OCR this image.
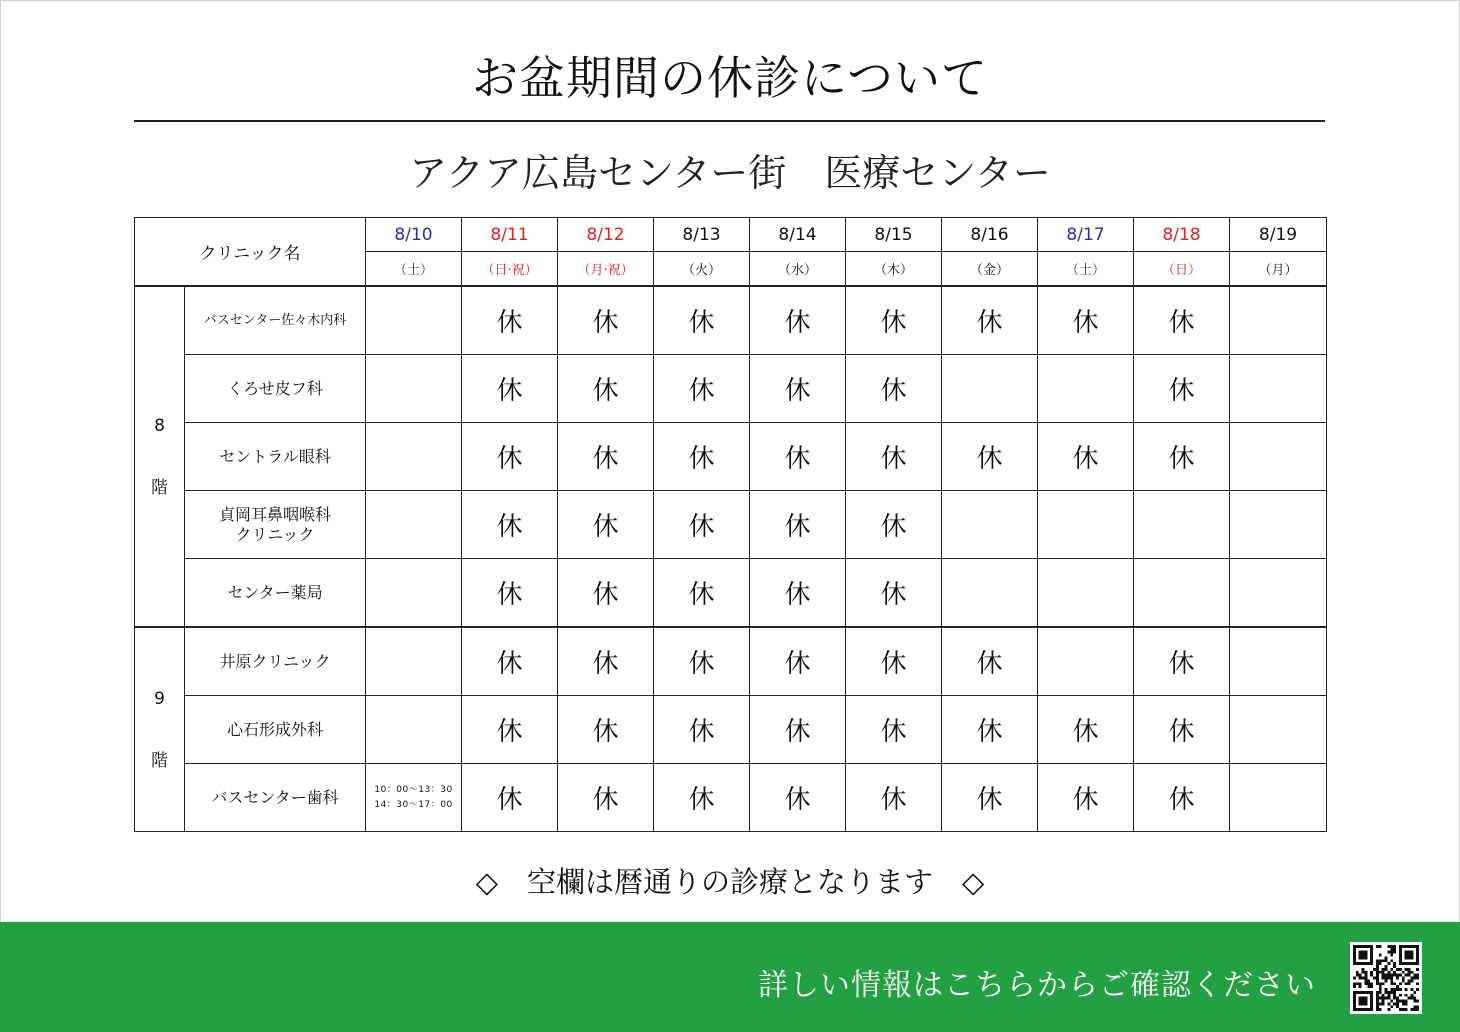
お盆期間の休診について
アクア広島センター街　医療センター
クリニック名		8/10	8/11	8/12	8/13	8/14	8/15	8/16	8/17	8/18	8/19
		（土）	（日·祝）	（月·祝）	（火）	（水）	（木）	（金）	（土）	（日）	（月）

8
階	バスセンター佐々木内科		休	休	休	休	休	休	休	休	

	くろせ皮フ科		休	休	休	休	休			休	

	セントラル眼科		休	休	休	休	休	休	休	休	

	貞岡耳鼻咽喉科
クリニック		休	休	休	休	休				

	センター薬局		休	休	休	休	休				

9
階	井原クリニック		休	休	休	休	休	休		休	

	心石形成外科		休	休	休	休	休	休	休	休	

	バスセンター歯科	10：00～13：30
14：30～17：00	休	休	休	休	休	休	休	休	
◇　空欄は暦通りの診療となります　◇
詳しい情報はこちらからご確認ください
